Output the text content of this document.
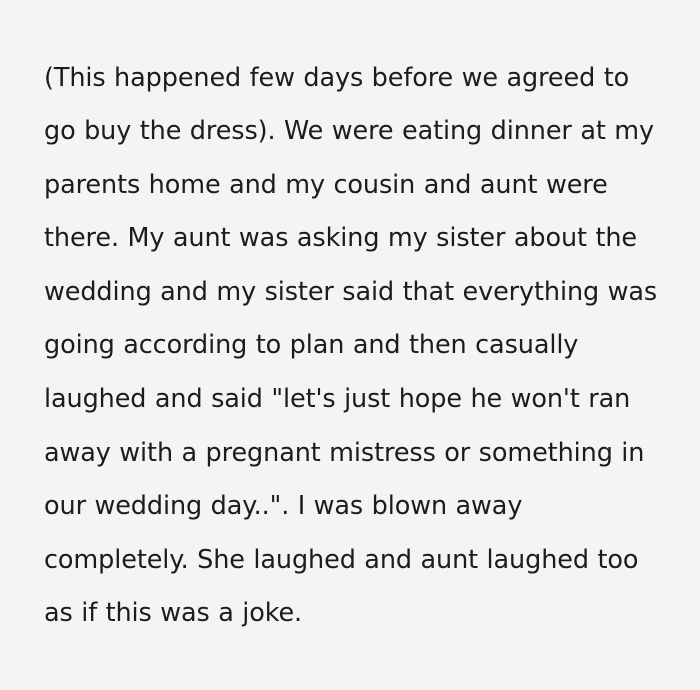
(This happened few days before we agreed to go buy the dress). We were eating dinner at my parents home and my cousin and aunt were there. My aunt was asking my sister about the wedding and my sister said that everything was going according to plan and then casually laughed and said "let's just hope he won't ran away with a pregnant mistress or something in our wedding day..". I was blown away completely. She laughed and aunt laughed too as if this was a joke.
